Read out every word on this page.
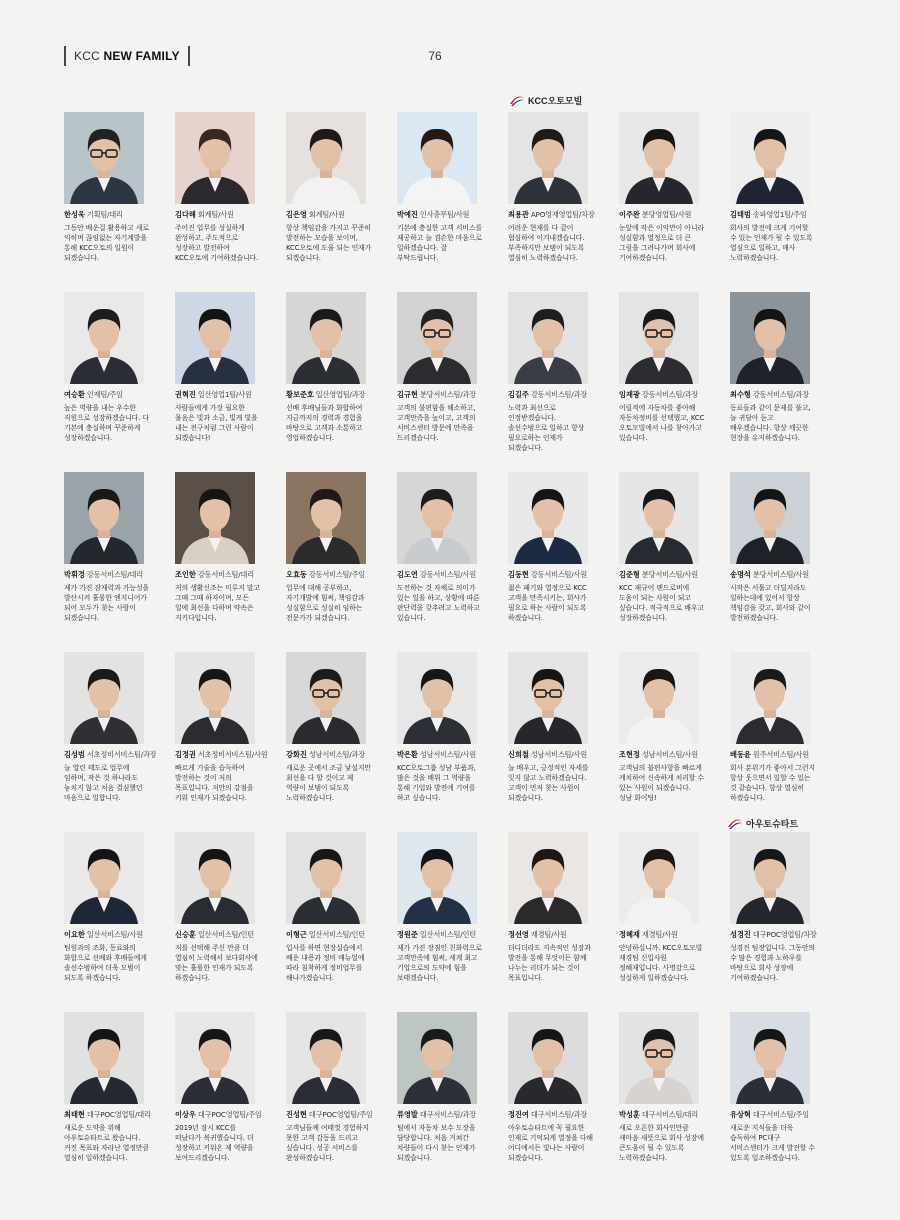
KCC NEW FAMILY	76
KCC오토모빌
아우토슈타트
한성욱 기획팀/대리
그동안 배운걸 활용하고 새로 익히며 끊임없는 자기계발을 통해 KCC오토의 일원이 되겠습니다.
김다해 회계팀/사원
주어진 업무를 성실하게 완성하고, 주도적으로 성장하고 발전하여 KCC오토에 기여하겠습니다.
김은영 회계팀/사원
항상 책임감을 가지고 꾸준히 발전하는 모습을 보이며, KCC오토에 도움 되는 인재가 되겠습니다.
박예진 인사총무팀/사원
기본에 충실한 고객 서비스를 제공하고 늘 겸손한 마음으로 일하겠습니다. 잘 부탁드립니다.
최용관 APO영재영업팀/차장
어려운 현재를 다 같이 협심하여 이겨내겠습니다. 부족하지만 보탬이 되도록 열심히 노력하겠습니다.
이주완 분당영업팀/사원
눈앞에 작은 이익만이 아니라 성실함과 열정으로 더 큰 그림을 그려나가며 회사에 기여하겠습니다.
김태범 송파영업1팀/주임
회사의 발전에 크게 기여할 수 있는 인재가 될 수 있도록 열심으로 일하고, 매사 노력하겠습니다.
여승환 인재팀/주임
높은 역량을 내는 우수한 직원으로 성장하겠습니다. 다 기본에 충실하며 꾸준하게 성장하겠습니다.
권혁진 일산영업1팀/사원
사람들에게 가장 필요한 물음은 빛과 소금, 빛게 빛을 내는 전구처럼 그런 사람이 되겠습니다!
황보준호 일산영업팀/과장
선배 후배님들과 화합하여 지금까지의 경력과 경험을 바탕으로 고객과 소통하고 영업하겠습니다.
김규현 분당서비스팀/과장
고객의 불편함을 해소하고, 고객만족을 높이고, 고객의 서비스센터 방문에 만족을 드리겠습니다.
김길주 강동서비스팀/과장
노력과 최선으로 인정받겠습니다. 솔선수범으로 일하고 항상 필요로하는 인재가 되겠습니다.
임재광 강동서비스팀/과장
어릴적에 자동차를 좋아해 자동차정비를 선택했고, KCC 오토모빌에서 나를 찾아가고 있습니다.
최수형 강동서비스팀/과장
동료들과 같이 문제를 풀고, 늘 귀담아 듣고 배우겠습니다. 항상 깨끗한 현장을 유지하겠습니다.
박휘경 강동서비스팀/대리
제가 가진 잠재력과 가능성을 발산시켜 훌륭한 엔지니어가 되어 모두가 찾는 사람이 되겠습니다.
조인한 강동서비스팀/대리
저의 생활신조는 미루지 말고 그때 그때 하자이며, 모든 일에 최선을 다하며 약속은 지키다입니다.
오효동 강동서비스팀/주임
업무에 대해 공부하고, 자기개발에 힘써, 책임감과 성실함으로 성실히 임하는 전문가가 되겠습니다.
김도연 강동서비스팀/사원
도전하는 것 자체로 의미가 있는 일을 하고, 상황에 따른 판단력을 갖추려고 노력하고 있습니다.
김동현 강동서비스팀/사원
젊은 패기와 열정으로 KCC 고객을 만족시키는, 회사가 필요로 하는 사람이 되도록 하겠습니다.
김준형 분당서비스팀/사원
KCC 재규어 랜드로버에 도움이 되는 사원이 되고 싶습니다. 적극적으로 배우고 성장하겠습니다.
송명석 분당서비스팀/사원
시작은 서툴고 더딜지라도 일하는데에 있어서 항상 책임감을 갖고, 회사와 같이 발전하겠습니다.
김성범 서초정비서비스팀/과장
늘 열린 태도로 업무에 임하며, 작은 것 하나라도 놓치지 않고 처음 결심했던 마음으로 일합니다.
김정권 서초정비서비스팀/사원
빠르게 기술을 습득하여 발전하는 것이 저의 목표입니다. 저만의 강점을 키워 인재가 되겠습니다.
강화진 성남서비스팀/과장
새로운 곳에서 조금 낯설지만 최선을 다 할 것이고 제 역량이 보탬이 되도록 노력하겠습니다.
박은환 성남서비스팀/사원
KCC오토그룹 성남 부품과, 많은 것을 배워 그 역량을 통해 기업와 발전에 기여를 하고 싶습니다.
신희철 성남서비스팀/사원
늘 배우고, 긍정적인 자세를 잊지 않고 노력하겠습니다. 고객이 먼저 찾는 사원이 되겠습니다.
조현정 성남서비스팀/사원
고객님의 불편사항을 빠르게 캐치하여 신속하게 처리할 수 있는 사원이 되겠습니다. 성남 화이팅!
배동윤 원주서비스팀/사원
회사 분위기가 좋아서 그런지 항상 웃으면서 일할 수 있는 것 같습니다. 항상 열심히 하겠습니다.
이요한 일산서비스팀/사원
팀원과의 조화, 동료와의 화합으로 선배와 후배들에게 솔선수범하여 더욱 모범이 되도록 하겠습니다.
신승훈 일산서비스팀/인턴
저를 선택해 주신 만큼 더 열심히 노력해서 보다회사에 맞는 훌륭한 인재가 되도록 하겠습니다.
이형근 일산서비스팀/인턴
입사를 하면 현장실습에서 배운 내용과 정비 매뉴얼에 따라 침착하게 정비업무를 해나가겠습니다.
정원준 일산서비스팀/인턴
제가 가진 장점인 친화력으로 고객만족에 힘써, 세계 최고 기업으로의 도약에 힘을 보태겠습니다.
정선영 재경팀/사원
더디더라도 지속적인 성장과 발전을 통해 무엇이든 함께 나누는 리더가 되는 것이 목표입니다.
정혜재 재경팀/사원
안녕하십니까. KCC오토모빌 재경팀 신입사원 정혜재입니다. 사명감으로 성실하게 일하겠습니다.
성경진 대구POC영업팀/차장
성경진 팀장입니다. 그동안의 수 많은 경험과 노하우를 바탕으로 회사 성장에 기여하겠습니다.
최태현 대구POC영업팀/대리
새로운 도약을 위해 아우토슈타트로 왔습니다. 커진 목표와 자라난 열정만큼 열심히 일하겠습니다.
이상우 대구POC영업팀/주임
2019년 잠시 KCC를 떠났다가 복귀했습니다. 더 성장하고 키워온 제 역량을 보여드리겠습니다.
진성현 대구POC영업팀/주임
고객님들께 여태껏 경험하지 못한 고객 감동을 드리고 싶습니다. 성공 서비스를 완성하겠습니다.
류영발 대구서비스팀/과장
팀에서 자동차 보수 도장을 담당합니다. 처음 거쳐간 차량들이 다시 찾는 인재가 되겠습니다.
정진여 대구서비스팀/과장
아우토슈타트에 꼭 필요한 인재로 기억되게 열정을 다해 어디에서든 빛나는 사람이 되겠습니다.
박성훈 대구서비스팀/대리
새로 오픈한 회사인만큼 새마음 새뜻으로 회사 성장에 큰도움이 될 수 있도록 노력하겠습니다.
유상혁 대구서비스팀/주임
새로운 지식들을 더욱 습득하여 PC대구 서비스센터가 크게 발전할 수 있도록 일조하겠습니다.
